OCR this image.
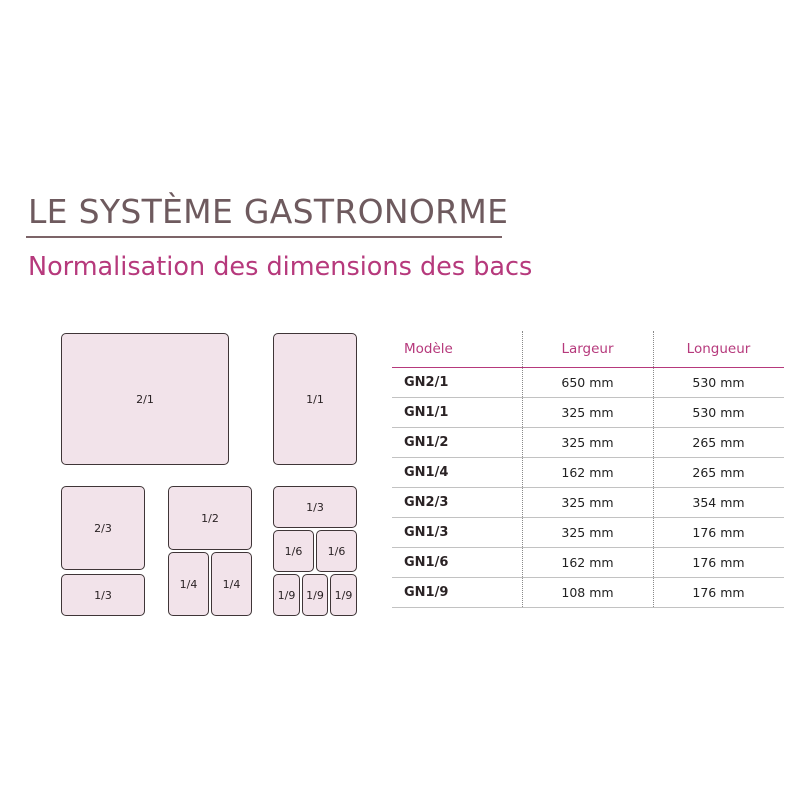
LE SYSTÈME GASTRONORME
Normalisation des dimensions des bacs
2/1	1/1
2/3
1/3
1/2
1/4	1/4
1/3
1/6	1/6
1/9 1/9 1/9
Modèle	Largeur	Longueur
GN2/1	650 mm	530 mm
GN1/1	325 mm	530 mm
GN1/2	325 mm	265 mm
GN1/4	162 mm	265 mm
GN2/3	325 mm	354 mm
GN1/3	325 mm	176 mm
GN1/6	162 mm	176 mm
GN1/9	108 mm	176 mm
